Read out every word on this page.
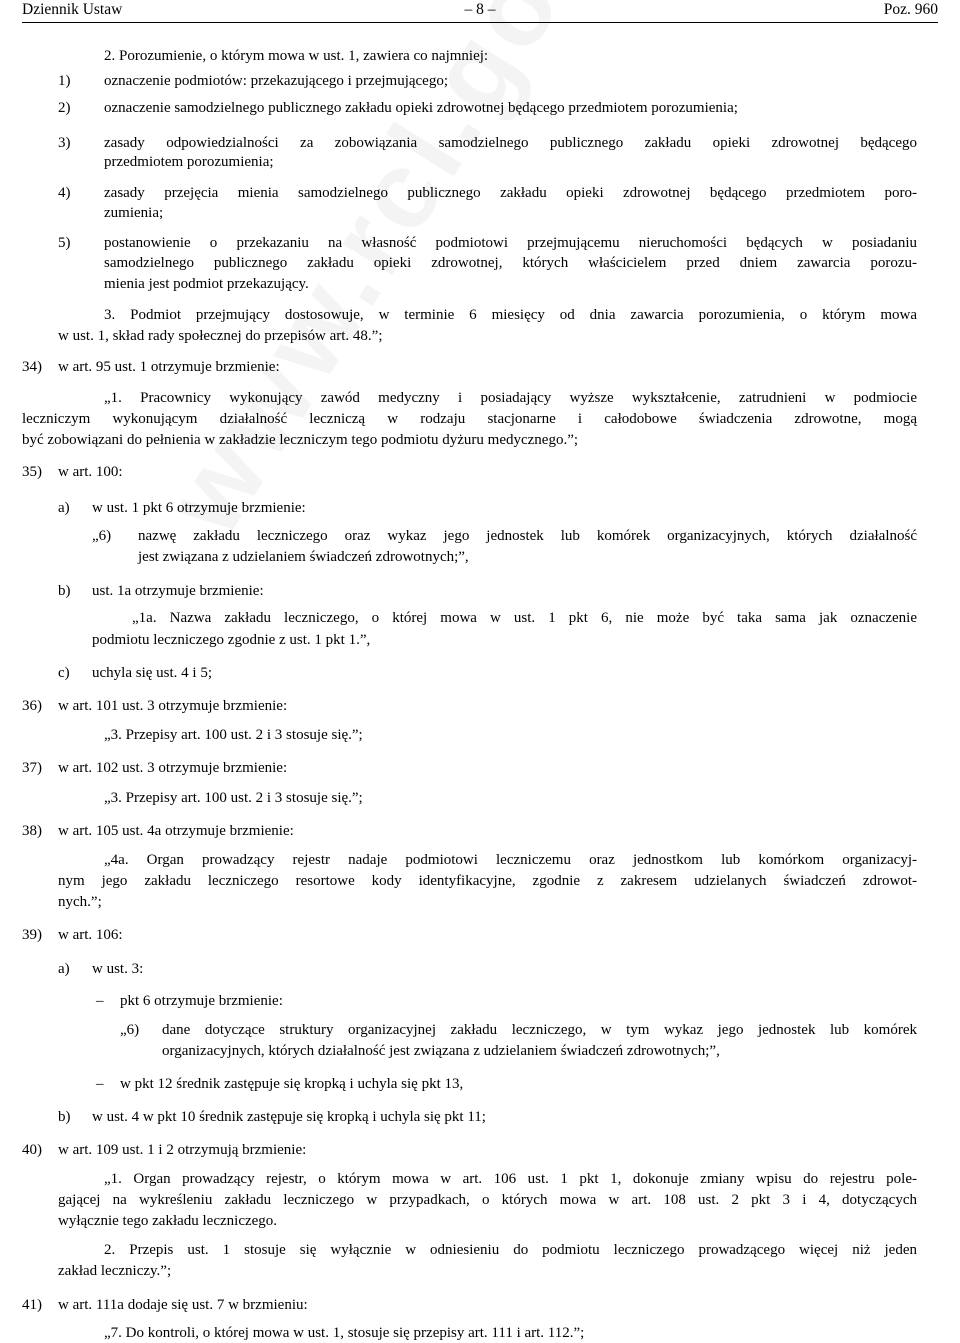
Dziennik Ustaw	– 8 –	Poz. 960
2. Porozumienie, o którym mowa w ust. 1, zawiera co najmniej:
1) oznaczenie podmiotów: przekazującego i przejmującego;
2) oznaczenie samodzielnego publicznego zakładu opieki zdrowotnej będącego przedmiotem porozumienia;
3) zasady odpowiedzialności za zobowiązania samodzielnego publicznego zakładu opieki zdrowotnej będącego
przedmiotem porozumienia;
4) zasady przejęcia mienia samodzielnego publicznego zakładu opieki zdrowotnej będącego przedmiotem poro-
zumienia;
5) postanowienie o przekazaniu na własność podmiotowi przejmującemu nieruchomości będących w posiadaniu
samodzielnego publicznego zakładu opieki zdrowotnej, których właścicielem przed dniem zawarcia porozu-
mienia jest podmiot przekazujący.
3. Podmiot przejmujący dostosowuje, w terminie 6 miesięcy od dnia zawarcia porozumienia, o którym mowa
w ust. 1, skład rady społecznej do przepisów art. 48.”;
34) w art. 95 ust. 1 otrzymuje brzmienie:
„1. Pracownicy wykonujący zawód medyczny i posiadający wyższe wykształcenie, zatrudnieni w podmiocie
leczniczym wykonującym działalność leczniczą w rodzaju stacjonarne i całodobowe świadczenia zdrowotne, mogą
być zobowiązani do pełnienia w zakładzie leczniczym tego podmiotu dyżuru medycznego.”;
35) w art. 100:
a) w ust. 1 pkt 6 otrzymuje brzmienie:
„6) nazwę zakładu leczniczego oraz wykaz jego jednostek lub komórek organizacyjnych, których działalność
jest związana z udzielaniem świadczeń zdrowotnych;”,
b) ust. 1a otrzymuje brzmienie:
„1a. Nazwa zakładu leczniczego, o której mowa w ust. 1 pkt 6, nie może być taka sama jak oznaczenie
podmiotu leczniczego zgodnie z ust. 1 pkt 1.”,
c) uchyla się ust. 4 i 5;
36) w art. 101 ust. 3 otrzymuje brzmienie:
„3. Przepisy art. 100 ust. 2 i 3 stosuje się.”;
37) w art. 102 ust. 3 otrzymuje brzmienie:
„3. Przepisy art. 100 ust. 2 i 3 stosuje się.”;
38) w art. 105 ust. 4a otrzymuje brzmienie:
„4a. Organ prowadzący rejestr nadaje podmiotowi leczniczemu oraz jednostkom lub komórkom organizacyj-
nym jego zakładu leczniczego resortowe kody identyfikacyjne, zgodnie z zakresem udzielanych świadczeń zdrowot-
nych.”;
39) w art. 106:
a) w ust. 3:
– pkt 6 otrzymuje brzmienie:
„6) dane dotyczące struktury organizacyjnej zakładu leczniczego, w tym wykaz jego jednostek lub komórek
organizacyjnych, których działalność jest związana z udzielaniem świadczeń zdrowotnych;”,
– w pkt 12 średnik zastępuje się kropką i uchyla się pkt 13,
b) w ust. 4 w pkt 10 średnik zastępuje się kropką i uchyla się pkt 11;
40) w art. 109 ust. 1 i 2 otrzymują brzmienie:
„1. Organ prowadzący rejestr, o którym mowa w art. 106 ust. 1 pkt 1, dokonuje zmiany wpisu do rejestru pole-
gającej na wykreśleniu zakładu leczniczego w przypadkach, o których mowa w art. 108 ust. 2 pkt 3 i 4, dotyczących
wyłącznie tego zakładu leczniczego.
2. Przepis ust. 1 stosuje się wyłącznie w odniesieniu do podmiotu leczniczego prowadzącego więcej niż jeden
zakład leczniczy.”;
41) w art. 111a dodaje się ust. 7 w brzmieniu:
„7. Do kontroli, o której mowa w ust. 1, stosuje się przepisy art. 111 i art. 112.”;
